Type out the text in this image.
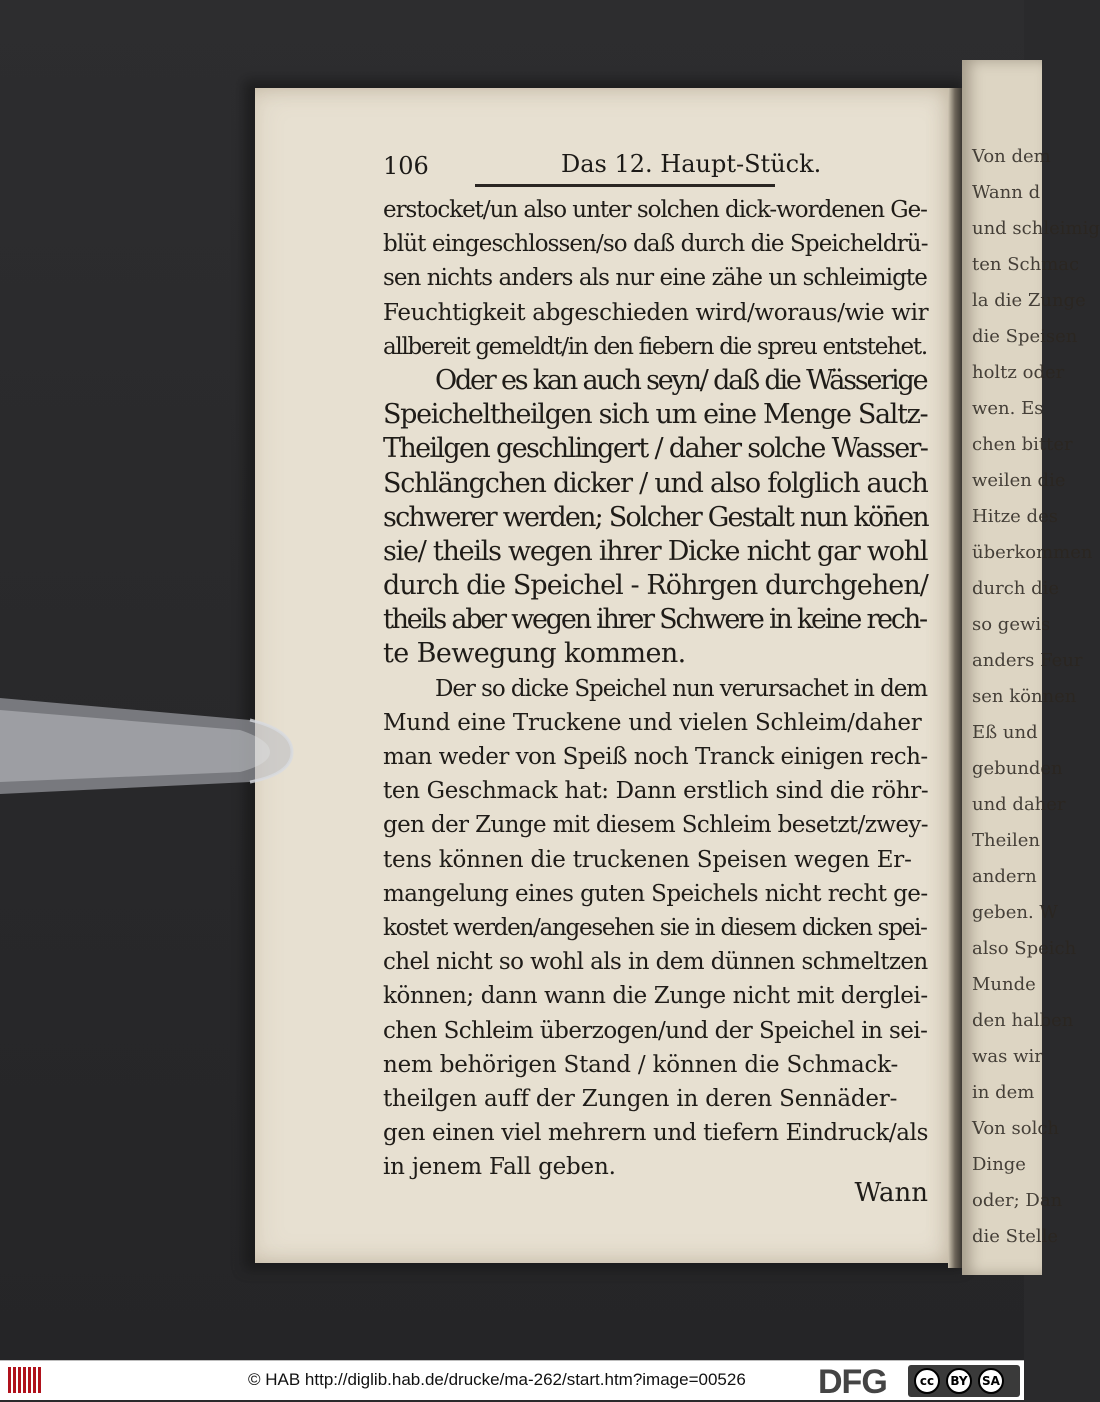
Von dem
Wann d
und schleimig
ten Schmac
la die Zunge
die Speisen
holtz oder
wen. Es
chen bitter
weilen die
Hitze des
überkommen
durch die
so gewis
anders Feur
sen können
Eß und
gebunden
und daher
Theilen
andern
geben. W
also Speich
Munde
den halben
was wir
in dem
Von solch
Dinge
oder; Dan
die Stelle
106	Das 12. Haupt-Stück.
erstocket/un also unter solchen dick-wordenen Ge-
blüt eingeschlossen/so daß durch die Speicheldrü-
sen nichts anders als nur eine zähe un schleimigte
Feuchtigkeit abgeschieden wird/woraus/wie wir
allbereit gemeldt/in den fiebern die spreu entstehet.
Oder es kan auch seyn/ daß die Wässerige
Speicheltheilgen sich um eine Menge Saltz-
Theilgen geschlingert / daher solche Wasser-
Schlängchen dicker / und also folglich auch
schwerer werden; Solcher Gestalt nun kön̄en
sie/ theils wegen ihrer Dicke nicht gar wohl
durch die Speichel - Röhrgen durchgehen/
theils aber wegen ihrer Schwere in keine rech-
te Bewegung kommen.
Der so dicke Speichel nun verursachet in dem
Mund eine Truckene und vielen Schleim/daher
man weder von Speiß noch Tranck einigen rech-
ten Geschmack hat: Dann erstlich sind die röhr-
gen der Zunge mit diesem Schleim besetzt/zwey-
tens können die truckenen Speisen wegen Er-
mangelung eines guten Speichels nicht recht ge-
kostet werden/angesehen sie in diesem dicken spei-
chel nicht so wohl als in dem dünnen schmeltzen
können; dann wann die Zunge nicht mit derglei-
chen Schleim überzogen/und der Speichel in sei-
nem behörigen Stand / können die Schmack-
theilgen auff der Zungen in deren Sennäder-
gen einen viel mehrern und tiefern Eindruck/als
in jenem Fall geben.
Wann
© HAB http://diglib.hab.de/drucke/ma-262/start.htm?image=00526 DFG	cc	BY	SA
